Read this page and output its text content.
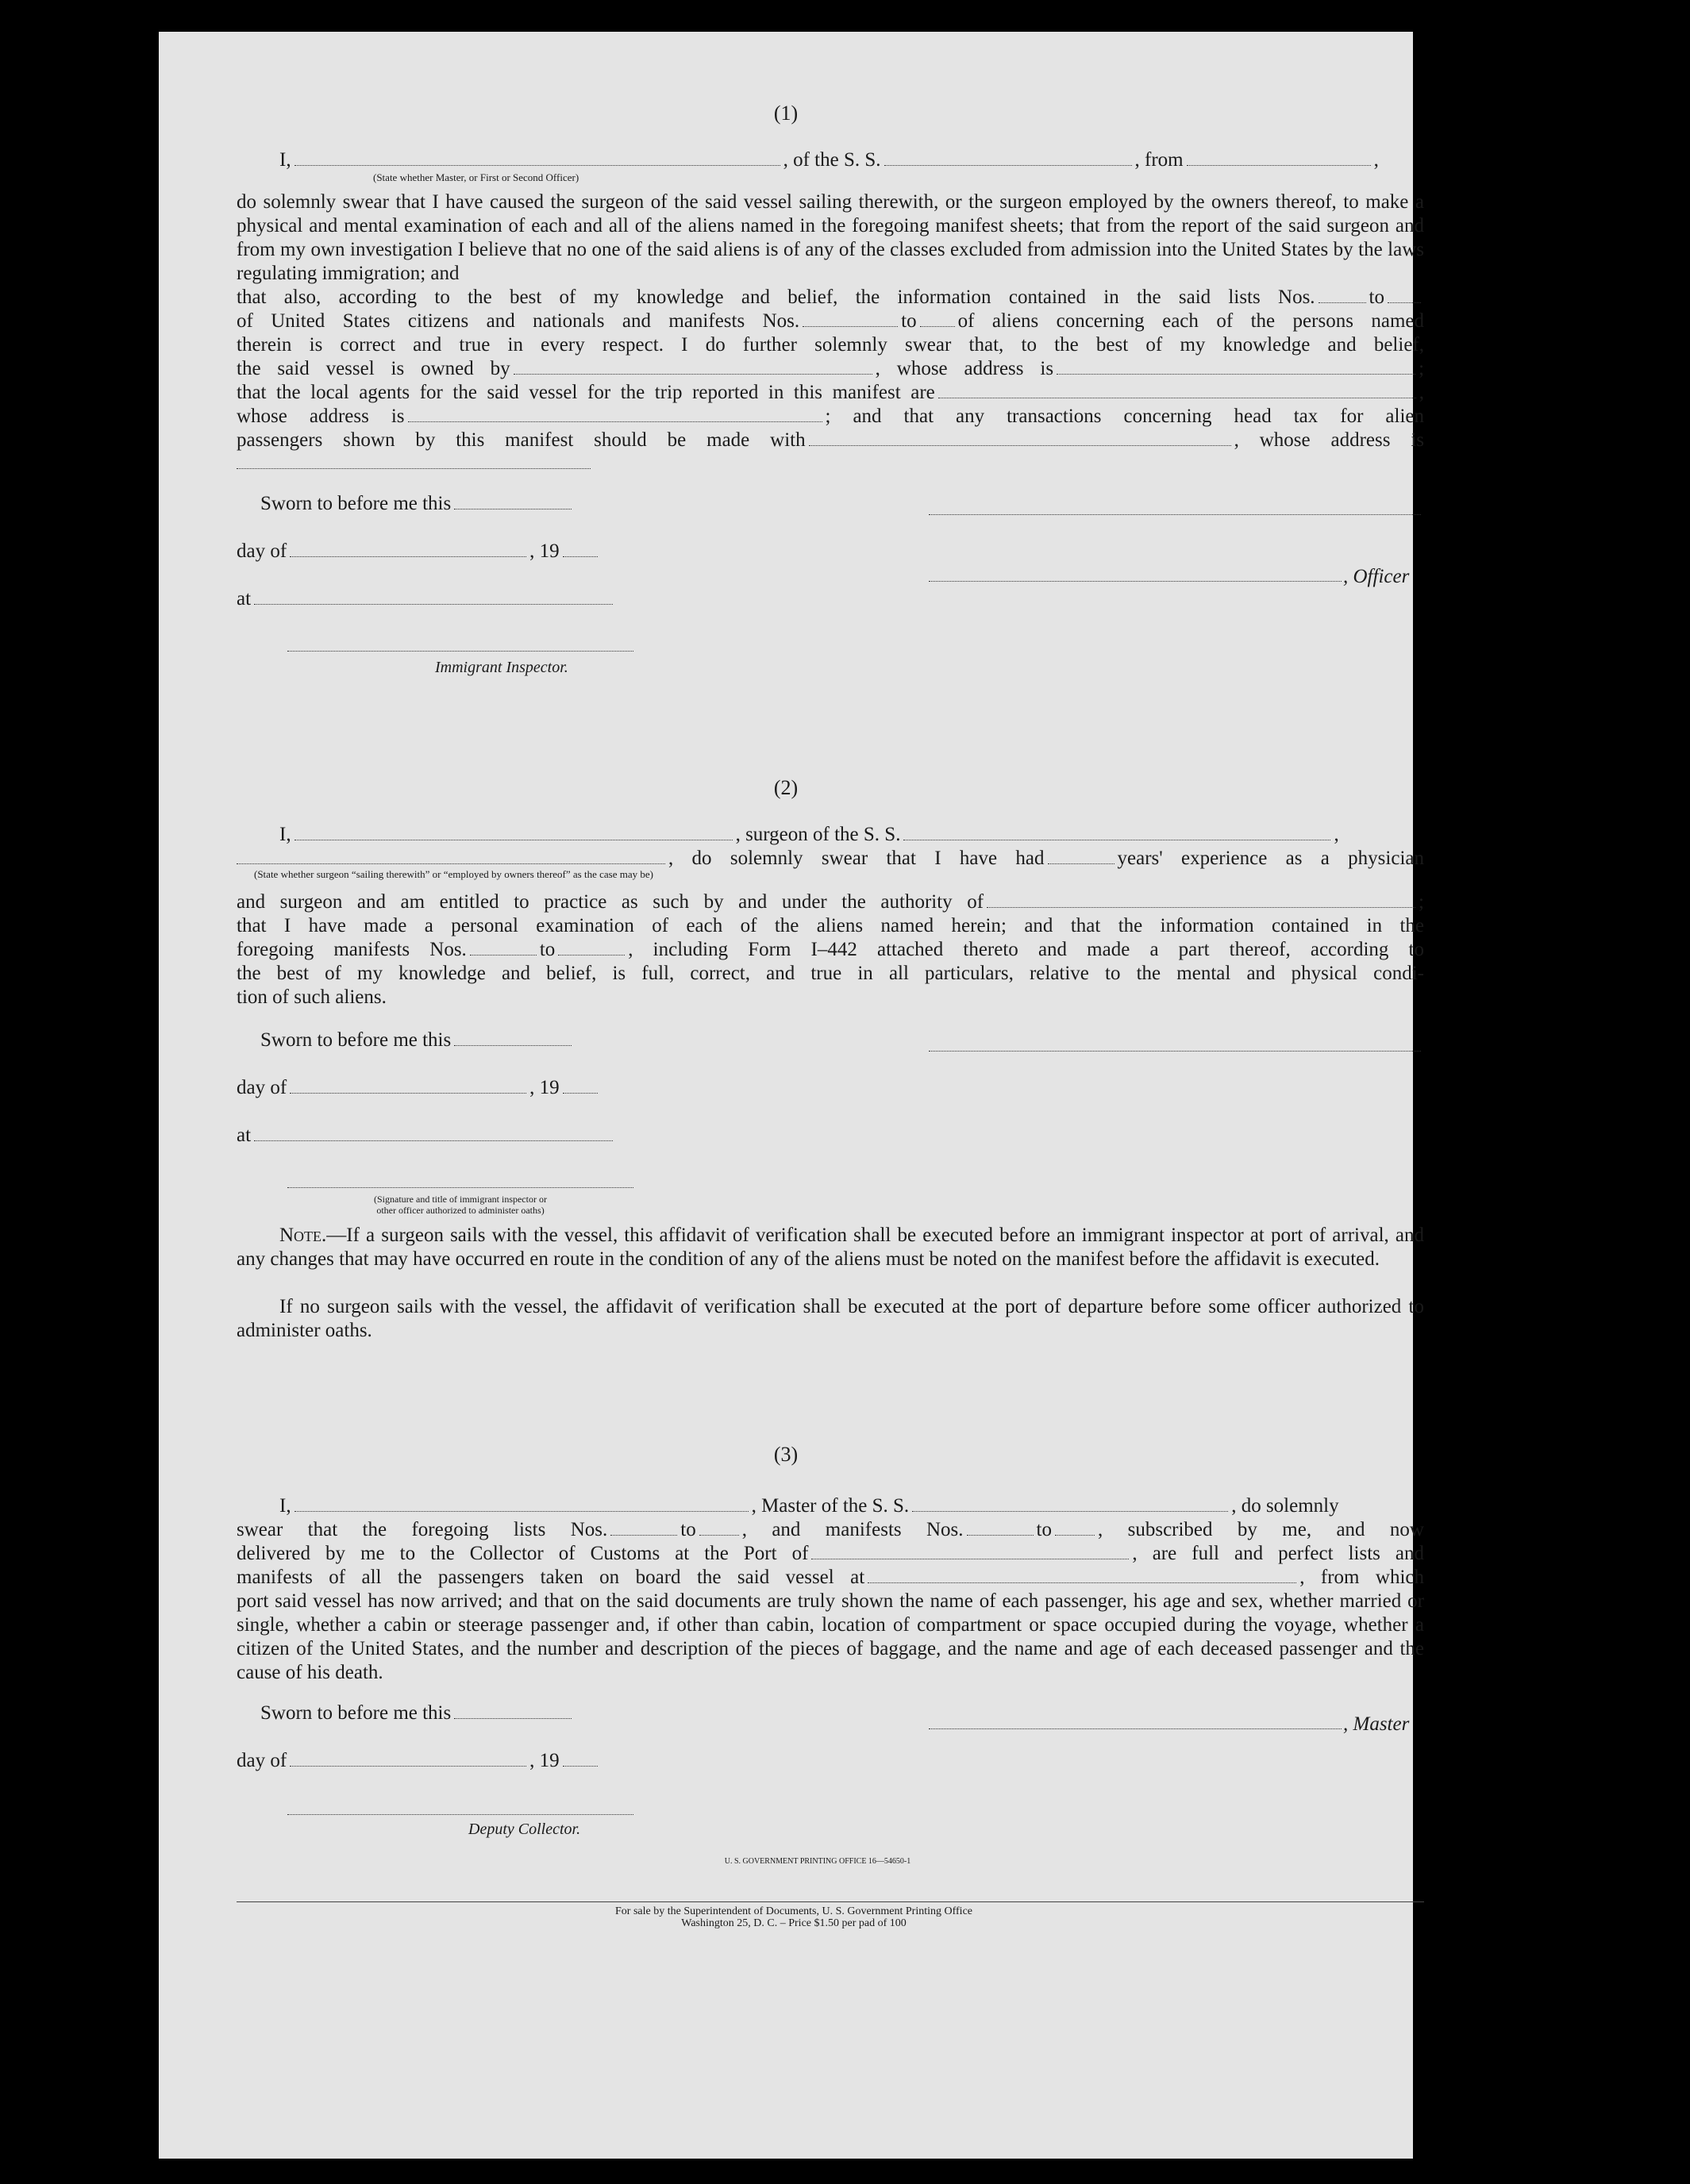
(1)
I,	, of the S. S.	, from	,
(State whether Master, or First or Second Officer)
do solemnly swear that I have caused the surgeon of the said vessel sailing therewith, or the surgeon employed by the owners thereof, to make a physical and mental examination of each and all of the aliens named in the foregoing manifest sheets; that from the report of the said surgeon and from my own investigation I believe that no one of the said aliens is of any of the classes excluded from admission into the United States by the laws regulating immigration; and
that also, according to the best of my knowledge and belief, the information contained in the said lists Nos.	to
of United States citizens and nationals and manifests Nos.	to of aliens concerning each of the persons named
therein is correct and true in every respect. I do further solemnly swear that, to the best of my knowledge and belief,
the said vessel is owned by	, whose address is	;
that the local agents for the said vessel for the trip reported in this manifest are	,
whose address is	; and that any transactions concerning head tax for alien
passengers shown by this manifest should be made with	, whose address is
Sworn to before me this
day of	, 19
, Officer
at
Immigrant Inspector.
(2)
I,	, surgeon of the S. S.	,
, do solemnly swear that I have had	years' experience as a physician
(State whether surgeon “sailing therewith” or “employed by owners thereof” as the case may be)
and surgeon and am entitled to practice as such by and under the authority of	;
that I have made a personal examination of each of the aliens named herein; and that the information contained in the
foregoing manifests Nos.	to	, including Form I–442 attached thereto and made a part thereof, according to
the best of my knowledge and belief, is full, correct, and true in all particulars, relative to the mental and physical condi-
tion of such aliens.
Sworn to before me this
day of	, 19
at
(Signature and title of immigrant inspector or
other officer authorized to administer oaths)
Note.—If a surgeon sails with the vessel, this affidavit of verification shall be executed before an immigrant inspector at port of arrival, and any changes that may have occurred en route in the condition of any of the aliens must be noted on the manifest before the affidavit is executed.
If no surgeon sails with the vessel, the affidavit of verification shall be executed at the port of departure before some officer authorized to administer oaths.
(3)
I,	, Master of the S. S.	, do solemnly
swear that the foregoing lists Nos.	to , and manifests Nos.	to , subscribed by me, and now
delivered by me to the Collector of Customs at the Port of	, are full and perfect lists and
manifests of all the passengers taken on board the said vessel at	, from which
port said vessel has now arrived; and that on the said documents are truly shown the name of each passenger, his age and sex, whether married or single, whether a cabin or steerage passenger and, if other than cabin, location of compartment or space occupied during the voyage, whether a citizen of the United States, and the number and description of the pieces of baggage, and the name and age of each deceased passenger and the cause of his death.
Sworn to before me this
, Master
day of	, 19
Deputy Collector.
U. S. GOVERNMENT PRINTING OFFICE 16—54650-1
For sale by the Superintendent of Documents, U. S. Government Printing Office
Washington 25, D. C. – Price $1.50 per pad of 100
